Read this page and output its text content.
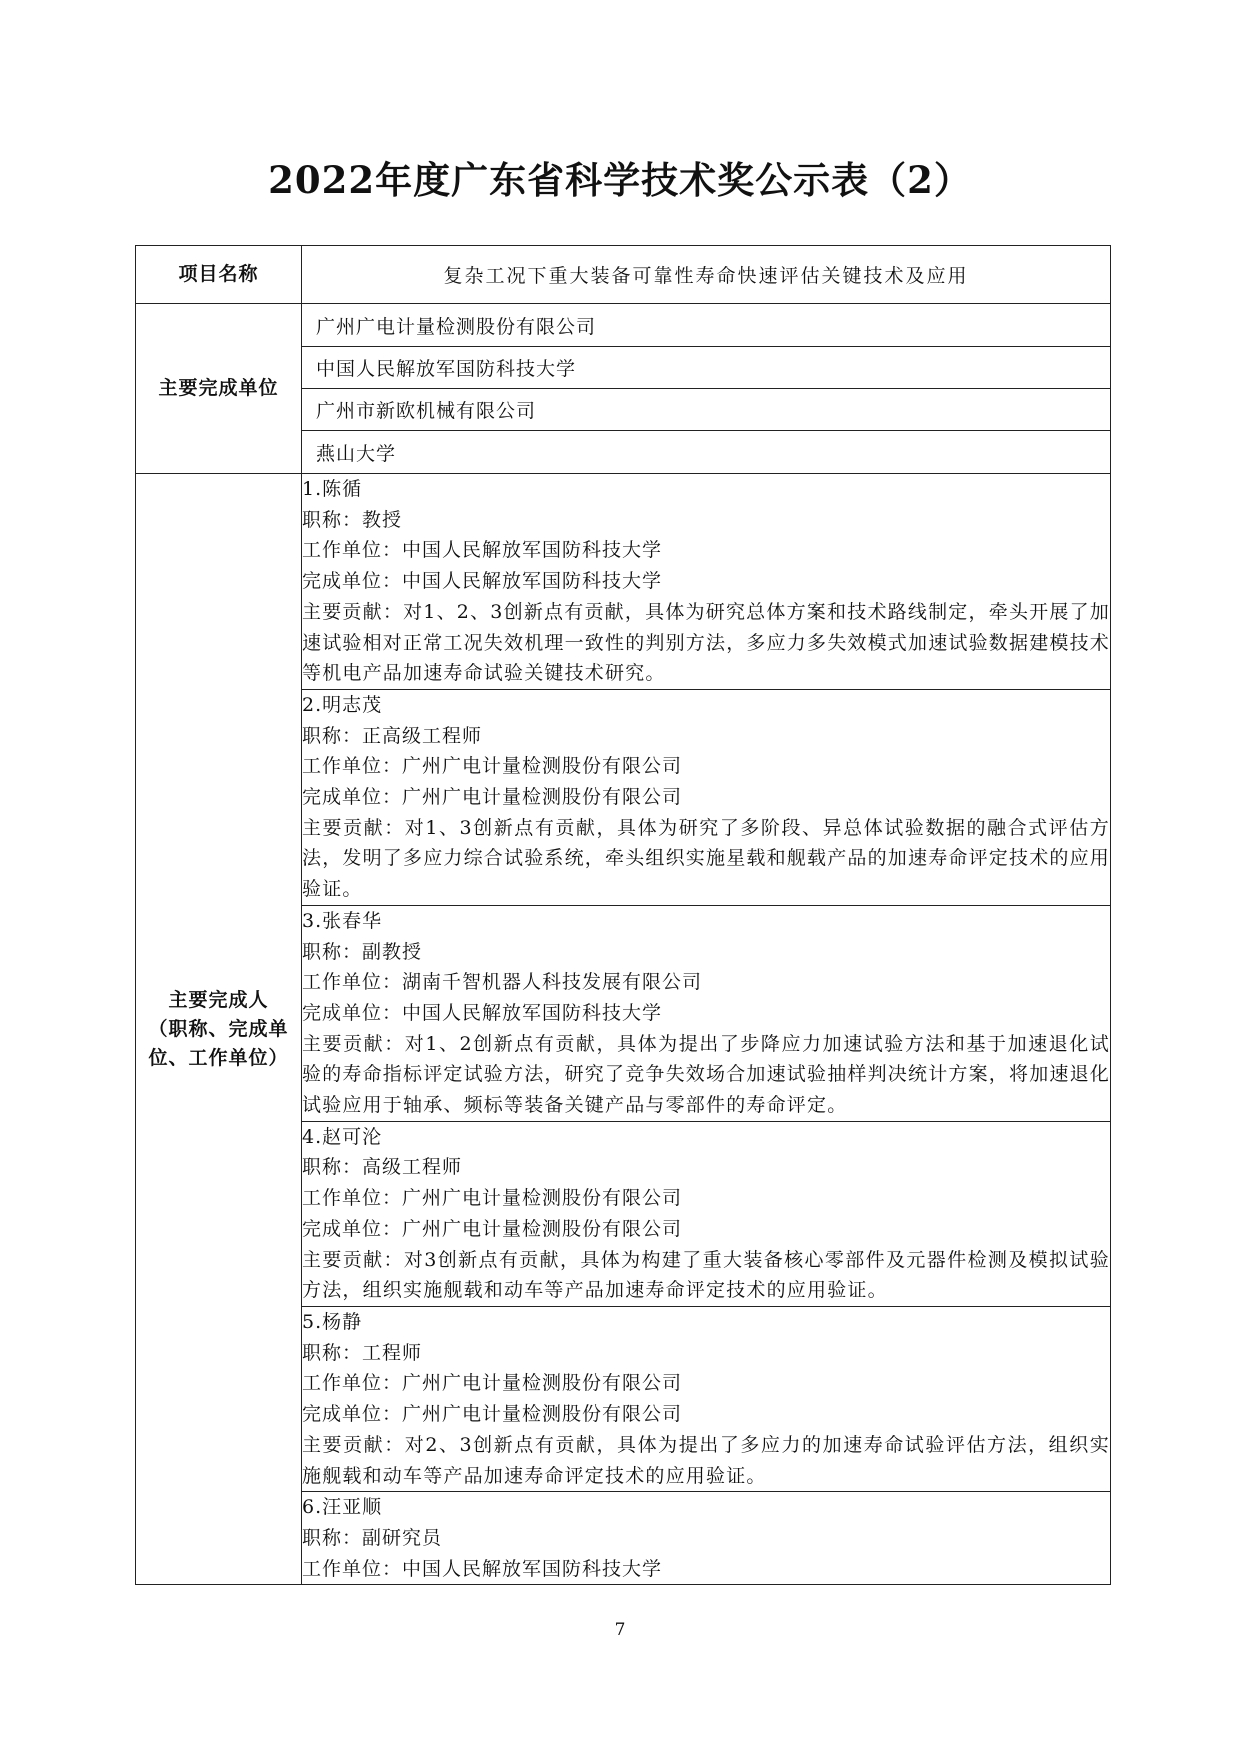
2022年度广东省科学技术奖公示表（2）
项目名称	复杂工况下重大装备可靠性寿命快速评估关键技术及应用
主要完成单位	广州广电计量检测股份有限公司
	中国人民解放军国防科技大学
	广州市新欧机械有限公司
	燕山大学

主要完成人
（职称、完成单
位、工作单位）	1.陈循
职称：教授
工作单位：中国人民解放军国防科技大学
完成单位：中国人民解放军国防科技大学
主要贡献：对1、2、3创新点有贡献，具体为研究总体方案和技术路线制定，牵头开展了加速试验相对正常工况失效机理一致性的判别方法，多应力多失效模式加速试验数据建模技术等机电产品加速寿命试验关键技术研究。

	2.明志茂
职称：正高级工程师
工作单位：广州广电计量检测股份有限公司
完成单位：广州广电计量检测股份有限公司
主要贡献：对1、3创新点有贡献，具体为研究了多阶段、异总体试验数据的融合式评估方法，发明了多应力综合试验系统，牵头组织实施星载和舰载产品的加速寿命评定技术的应用验证。

	3.张春华
职称：副教授
工作单位：湖南千智机器人科技发展有限公司
完成单位：中国人民解放军国防科技大学
主要贡献：对1、2创新点有贡献，具体为提出了步降应力加速试验方法和基于加速退化试验的寿命指标评定试验方法，研究了竞争失效场合加速试验抽样判决统计方案，将加速退化试验应用于轴承、频标等装备关键产品与零部件的寿命评定。

	4.赵可沦
职称：高级工程师
工作单位：广州广电计量检测股份有限公司
完成单位：广州广电计量检测股份有限公司
主要贡献：对3创新点有贡献，具体为构建了重大装备核心零部件及元器件检测及模拟试验方法，组织实施舰载和动车等产品加速寿命评定技术的应用验证。

	5.杨静
职称：工程师
工作单位：广州广电计量检测股份有限公司
完成单位：广州广电计量检测股份有限公司
主要贡献：对2、3创新点有贡献，具体为提出了多应力的加速寿命试验评估方法，组织实施舰载和动车等产品加速寿命评定技术的应用验证。

	6.汪亚顺
职称：副研究员
工作单位：中国人民解放军国防科技大学
7
